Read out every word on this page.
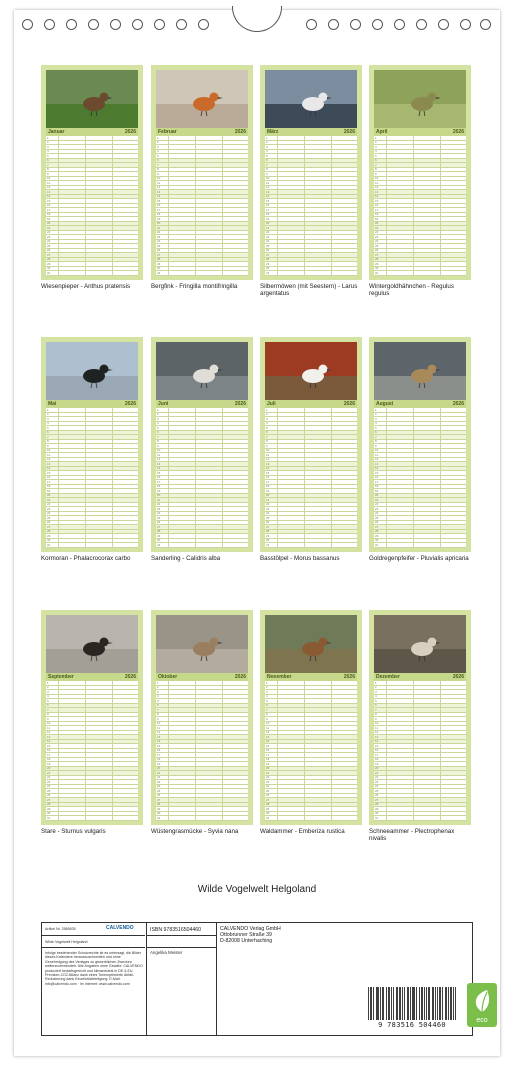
Januar	2026
1
2
3
4
5
6
7
8
9
10
11
12
13
14
15
16
17
18
19
20
21
22
23
24
25
26
27
28
29
30
31
Wiesenpieper - Anthus pratensis
Februar	2026
1
2
3
4
5
6
7
8
9
10
11
12
13
14
15
16
17
18
19
20
21
22
23
24
25
26
27
28
29
30
31
Bergfink - Fringilla montifringilla
März	2026
1
2
3
4
5
6
7
8
9
10
11
12
13
14
15
16
17
18
19
20
21
22
23
24
25
26
27
28
29
30
31
Silbermöwen (mit Seestern) - Larus argentatus
April	2026
1
2
3
4
5
6
7
8
9
10
11
12
13
14
15
16
17
18
19
20
21
22
23
24
25
26
27
28
29
30
31
Wintergoldhähnchen - Regulus regulus
Mai	2026
1
2
3
4
5
6
7
8
9
10
11
12
13
14
15
16
17
18
19
20
21
22
23
24
25
26
27
28
29
30
31
Kormoran - Phalacrocorax carbo
Juni	2026
1
2
3
4
5
6
7
8
9
10
11
12
13
14
15
16
17
18
19
20
21
22
23
24
25
26
27
28
29
30
31
Sanderling - Calidris alba
Juli	2026
1
2
3
4
5
6
7
8
9
10
11
12
13
14
15
16
17
18
19
20
21
22
23
24
25
26
27
28
29
30
31
Basstölpel - Morus bassanus
August	2026
1
2
3
4
5
6
7
8
9
10
11
12
13
14
15
16
17
18
19
20
21
22
23
24
25
26
27
28
29
30
31
Goldregenpfeifer - Pluvialis apricaria
September	2026
1
2
3
4
5
6
7
8
9
10
11
12
13
14
15
16
17
18
19
20
21
22
23
24
25
26
27
28
29
30
31
Stare - Sturnus vulgaris
Oktober	2026
1
2
3
4
5
6
7
8
9
10
11
12
13
14
15
16
17
18
19
20
21
22
23
24
25
26
27
28
29
30
31
Wüstengrasmücke - Syvia nana
November	2026
1
2
3
4
5
6
7
8
9
10
11
12
13
14
15
16
17
18
19
20
21
22
23
24
25
26
27
28
29
30
31
Waldammer - Emberiza rustica
Dezember	2026
1
2
3
4
5
6
7
8
9
10
11
12
13
14
15
16
17
18
19
20
21
22
23
24
25
26
27
28
29
30
31
Schneeammer - Plectrophenax nivalis
Wilde Vogelwelt Helgoland
Artikel Nr. 2565635	CALVENDO
Wilde Vogelwelt Helgoland
Infolge bestehender Schutzrechte ist es untersagt, die Bilder dieses Kalenders herauszuschneiden und ohne Genehmigung des Verlages zu gewerblichen Zwecken weiterzuverwenden. Alle Angaben ohne Gewähr. CALVENDO produziert bedarfsgerecht und klimaneutral in DE & EU. Premium-CO2-Bilanz dank eines Toneroptimierte Abfall-Reduzierung dank Einzelstückfertigung. E-Mail: info@calvendo.com · Im Internet: www.calvendo.com
ISBN 9783516504460
Angelika Meister
CALVENDO Verlag GmbH
Ottobrunner Straße 39
D-82008 Unterhaching
9 783516 504460
eco
